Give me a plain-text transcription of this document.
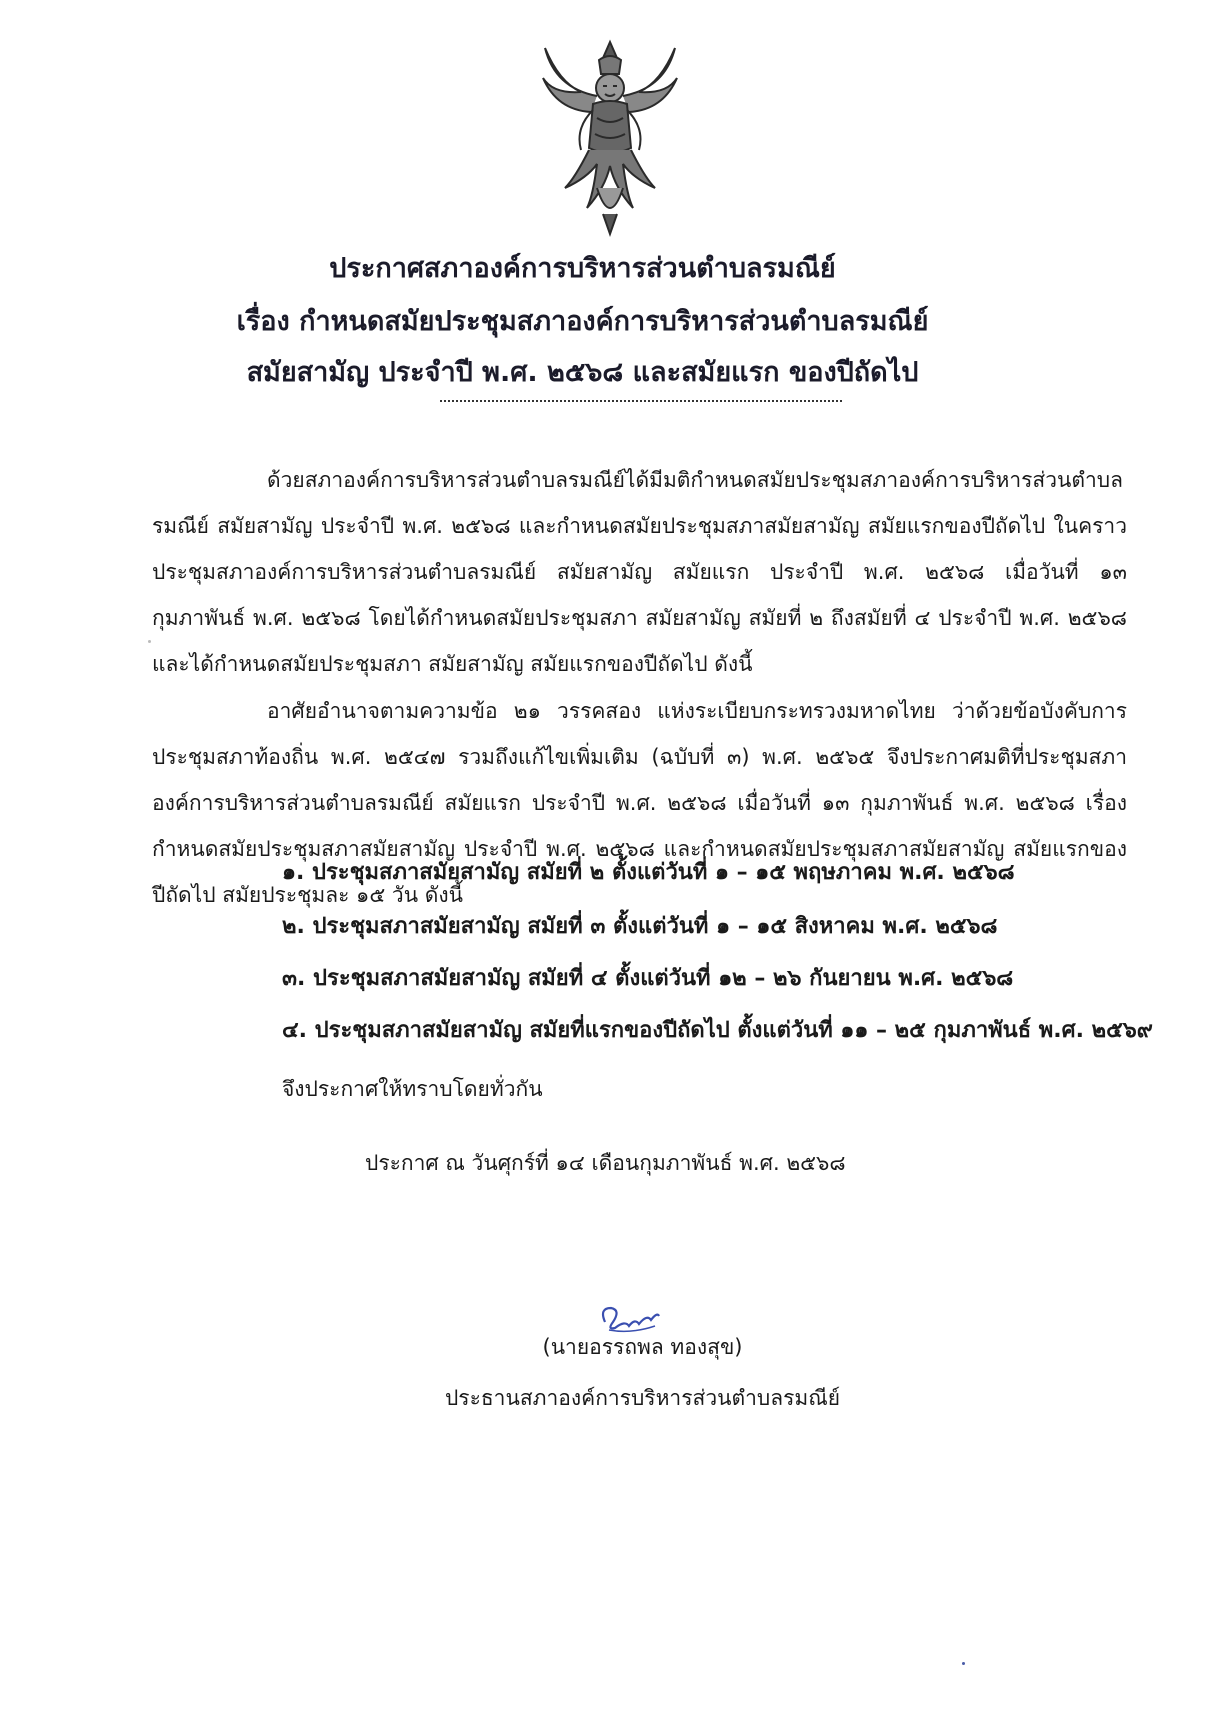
ประกาศสภาองค์การบริหารส่วนตำบลรมณีย์
เรื่อง กำหนดสมัยประชุมสภาองค์การบริหารส่วนตำบลรมณีย์
สมัยสามัญ ประจำปี พ.ศ. ๒๕๖๘ และสมัยแรก ของปีถัดไป
ด้วยสภาองค์การบริหารส่วนตำบลรมณีย์ได้มีมติกำหนดสมัยประชุมสภาองค์การบริหารส่วนตำบลรมณีย์ สมัยสามัญ ประจำปี พ.ศ. ๒๕๖๘ และกำหนดสมัยประชุมสภาสมัยสามัญ สมัยแรกของปีถัดไป ในคราวประชุมสภาองค์การบริหารส่วนตำบลรมณีย์ สมัยสามัญ สมัยแรก ประจำปี พ.ศ. ๒๕๖๘ เมื่อวันที่ ๑๓ กุมภาพันธ์ พ.ศ. ๒๕๖๘ โดยได้กำหนดสมัยประชุมสภา สมัยสามัญ สมัยที่ ๒ ถึงสมัยที่ ๔ ประจำปี พ.ศ. ๒๕๖๘ และได้กำหนดสมัยประชุมสภา สมัยสามัญ สมัยแรกของปีถัดไป ดังนี้
อาศัยอำนาจตามความข้อ ๒๑ วรรคสอง แห่งระเบียบกระทรวงมหาดไทย ว่าด้วยข้อบังคับการประชุมสภาท้องถิ่น พ.ศ. ๒๕๔๗ รวมถึงแก้ไขเพิ่มเติม (ฉบับที่ ๓) พ.ศ. ๒๕๖๕ จึงประกาศมติที่ประชุมสภาองค์การบริหารส่วนตำบลรมณีย์ สมัยแรก ประจำปี พ.ศ. ๒๕๖๘ เมื่อวันที่ ๑๓ กุมภาพันธ์ พ.ศ. ๒๕๖๘ เรื่องกำหนดสมัยประชุมสภาสมัยสามัญ ประจำปี พ.ศ. ๒๕๖๘ และกำหนดสมัยประชุมสภาสมัยสามัญ สมัยแรกของปีถัดไป สมัยประชุมละ ๑๕ วัน ดังนี้
๑. ประชุมสภาสมัยสามัญ สมัยที่ ๒ ตั้งแต่วันที่ ๑ – ๑๕ พฤษภาคม พ.ศ. ๒๕๖๘
๒. ประชุมสภาสมัยสามัญ สมัยที่ ๓ ตั้งแต่วันที่ ๑ – ๑๕ สิงหาคม พ.ศ. ๒๕๖๘
๓. ประชุมสภาสมัยสามัญ สมัยที่ ๔ ตั้งแต่วันที่ ๑๒ – ๒๖ กันยายน พ.ศ. ๒๕๖๘
๔. ประชุมสภาสมัยสามัญ สมัยที่แรกของปีถัดไป ตั้งแต่วันที่ ๑๑ – ๒๕ กุมภาพันธ์ พ.ศ. ๒๕๖๙
จึงประกาศให้ทราบโดยทั่วกัน
ประกาศ ณ วันศุกร์ที่ ๑๔ เดือนกุมภาพันธ์ พ.ศ. ๒๕๖๘
(นายอรรถพล ทองสุข)
ประธานสภาองค์การบริหารส่วนตำบลรมณีย์
